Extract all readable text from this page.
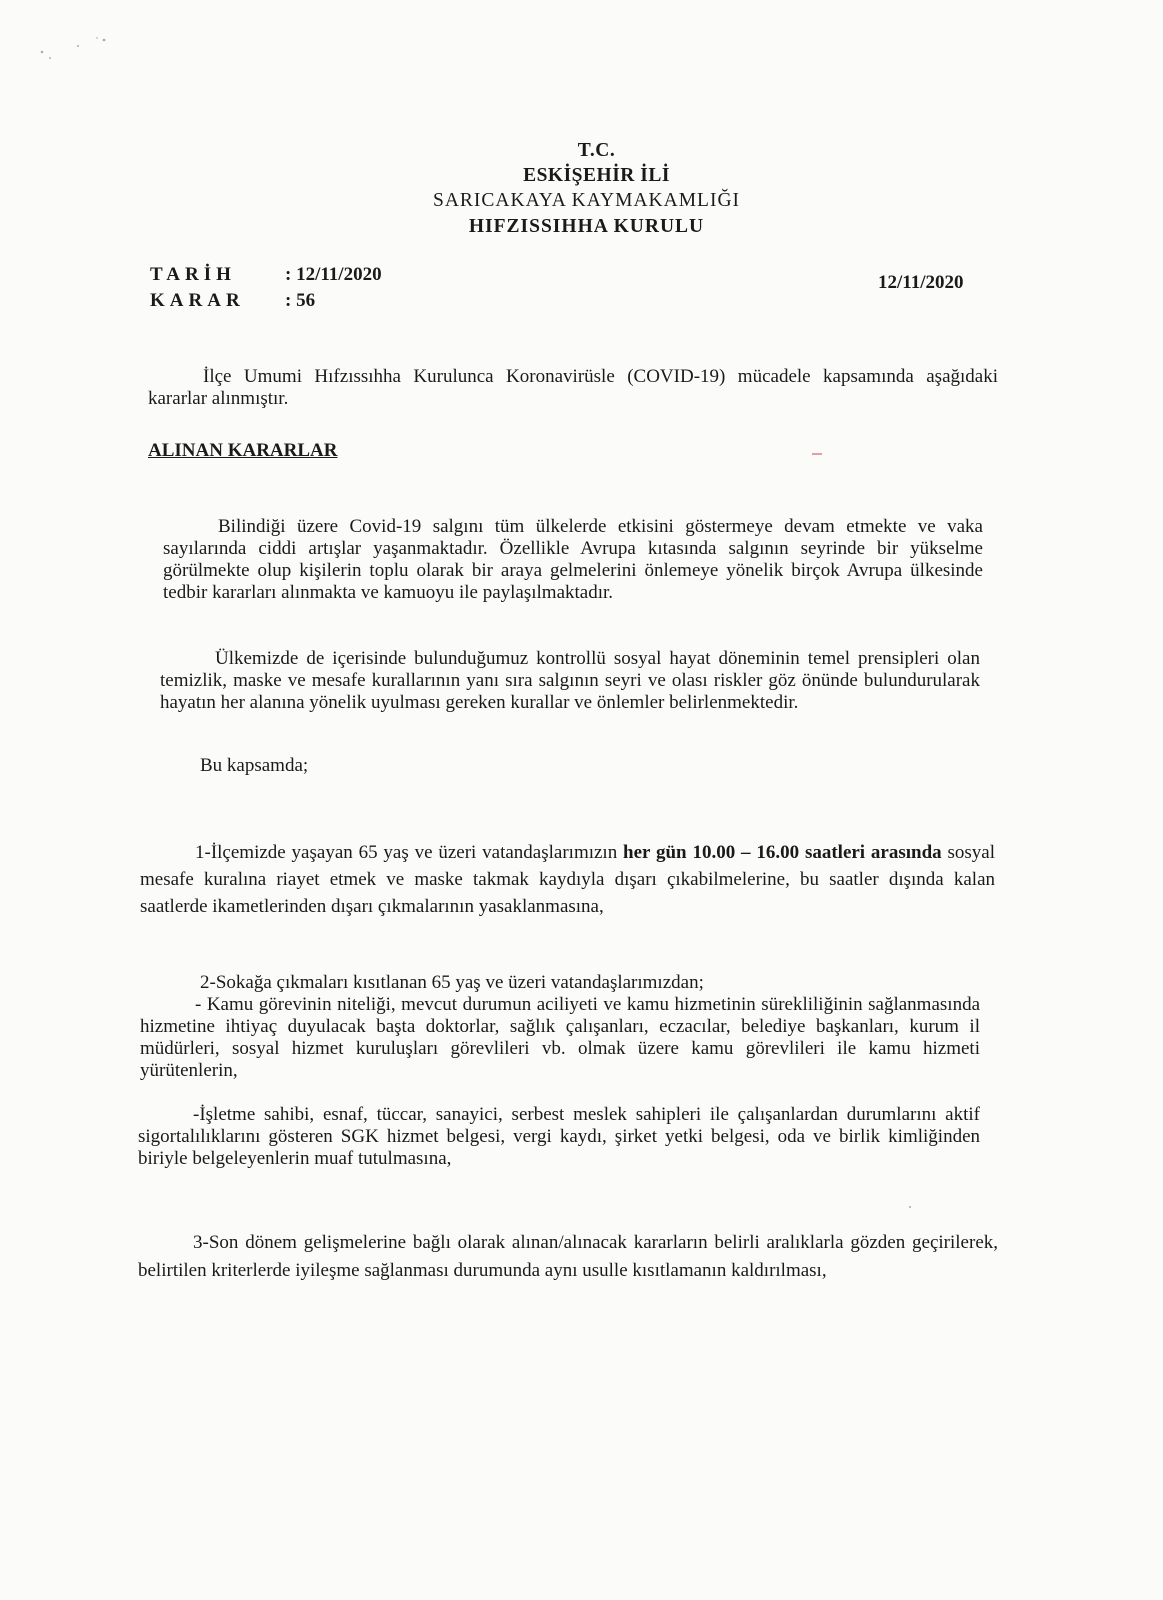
T.C.
ESKİŞEHİR İLİ
SARICAKAYA KAYMAKAMLIĞI
HIFZISSIHHA KURULU
TARİH	: 12/11/2020
KARAR	: 56
12/11/2020
İlçe Umumi Hıfzıssıhha Kurulunca Koronavirüsle (COVID-19) mücadele kapsamında aşağıdaki kararlar alınmıştır.
ALINAN KARARLAR
Bilindiği üzere Covid-19 salgını tüm ülkelerde etkisini göstermeye devam etmekte ve vaka sayılarında ciddi artışlar yaşanmaktadır. Özellikle Avrupa kıtasında salgının seyrinde bir yükselme görülmekte olup kişilerin toplu olarak bir araya gelmelerini önlemeye yönelik birçok Avrupa ülkesinde tedbir kararları alınmakta ve kamuoyu ile paylaşılmaktadır.
Ülkemizde de içerisinde bulunduğumuz kontrollü sosyal hayat döneminin temel prensipleri olan temizlik, maske ve mesafe kurallarının yanı sıra salgının seyri ve olası riskler göz önünde bulundurularak hayatın her alanına yönelik uyulması gereken kurallar ve önlemler belirlenmektedir.
Bu kapsamda;
1-İlçemizde yaşayan 65 yaş ve üzeri vatandaşlarımızın her gün 10.00 – 16.00 saatleri arasında sosyal mesafe kuralına riayet etmek ve maske takmak kaydıyla dışarı çıkabilmelerine, bu saatler dışında kalan saatlerde ikametlerinden dışarı çıkmalarının yasaklanmasına,
2-Sokağa çıkmaları kısıtlanan 65 yaş ve üzeri vatandaşlarımızdan;
- Kamu görevinin niteliği, mevcut durumun aciliyeti ve kamu hizmetinin sürekliliğinin sağlanmasında hizmetine ihtiyaç duyulacak başta doktorlar, sağlık çalışanları, eczacılar, belediye başkanları, kurum il müdürleri, sosyal hizmet kuruluşları görevlileri vb. olmak üzere kamu görevlileri ile kamu hizmeti yürütenlerin,
-İşletme sahibi, esnaf, tüccar, sanayici, serbest meslek sahipleri ile çalışanlardan durumlarını aktif sigortalılıklarını gösteren SGK hizmet belgesi, vergi kaydı, şirket yetki belgesi, oda ve birlik kimliğinden biriyle belgeleyenlerin muaf tutulmasına,
3-Son dönem gelişmelerine bağlı olarak alınan/alınacak kararların belirli aralıklarla gözden geçirilerek, belirtilen kriterlerde iyileşme sağlanması durumunda aynı usulle kısıtlamanın kaldırılması,
